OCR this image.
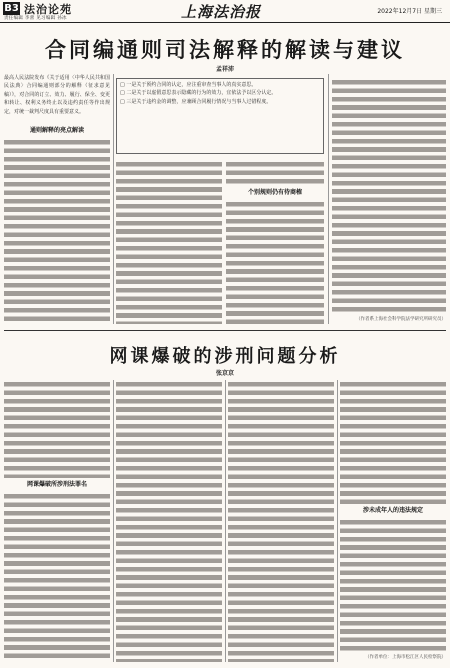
B3 法治论苑
责任编辑 李蕾 见习编辑 孙冰	上海法治报	2022年12月7日 星期三
合同编通则司法解释的解读与建议
孟祥沛
最高人民法院发布《关于适用〈中华人民共和国民法典〉合同编通则部分的解释（征求意见稿）》，对合同的订立、效力、履行、保全、变更和转让、权利义务终止以及违约责任等作出规定，对统一裁判尺度具有重要意义。
通则解释的亮点解读
□ 一是关于预约合同的认定，应注重审查当事人的真实意思。
□ 二是关于以虚假意思表示隐藏的行为的效力，宜依法予以区分认定。
□ 三是关于违约金的调整，应兼顾合同履行情况与当事人过错程度。
个别规则仍有待商榷
（作者系上海社会科学院法学研究所研究员）
网课爆破的涉刑问题分析
张京京
网课爆破所涉刑法罪名
涉未成年人的违法规定
（作者单位：上海市松江区人民检察院）
